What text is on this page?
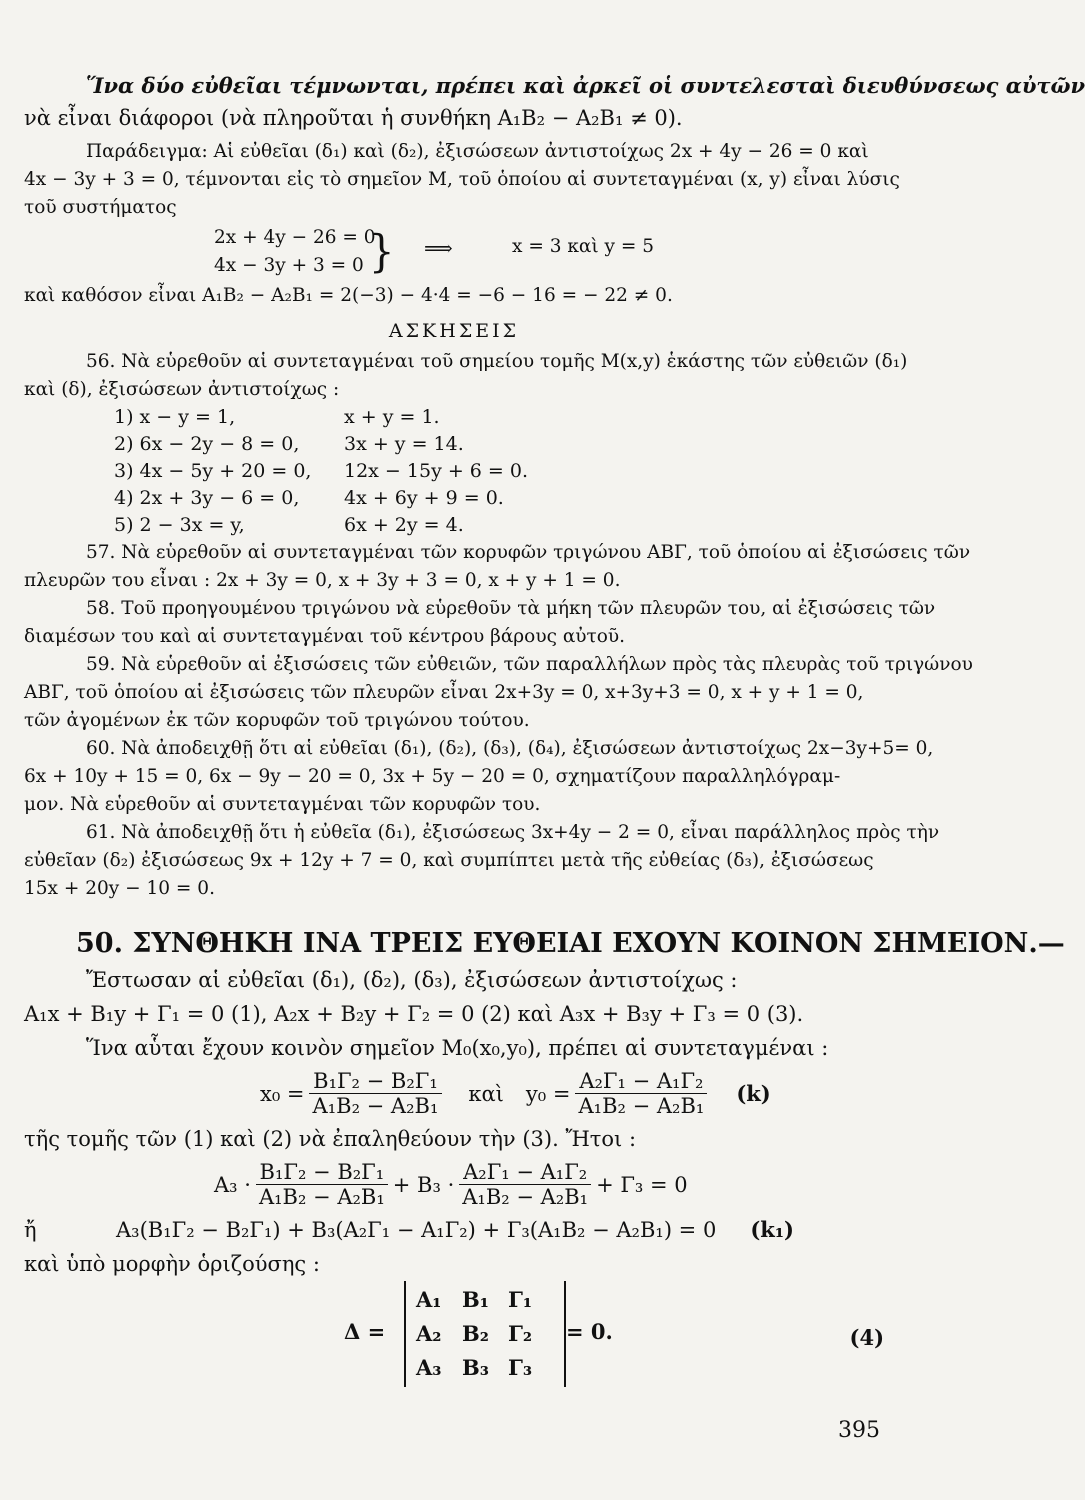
Ἵνα δύο εὐθεῖαι τέμνωνται, πρέπει καὶ ἀρκεῖ οἱ συντελεσταὶ διευθύνσεως αὐτῶν
νὰ εἶναι διάφοροι (νὰ πληροῦται ἡ συνθήκη A₁B₂ − A₂B₁ ≠ 0).
Παράδειγμα: Αἱ εὐθεῖαι (δ₁) καὶ (δ₂), ἐξισώσεων ἀντιστοίχως 2x + 4y − 26 = 0 καὶ
4x − 3y + 3 = 0, τέμνονται εἰς τὸ σημεῖον M, τοῦ ὁποίου αἱ συντεταγμέναι (x, y) εἶναι λύσις
τοῦ συστήματος
2x + 4y − 26 = 0
4x − 3y + 3 = 0 } ⟹	x = 3 καὶ y = 5
καὶ καθόσον εἶναι A₁B₂ − A₂B₁ = 2(−3) − 4·4 = −6 − 16 = − 22 ≠ 0.
ΑΣΚΗΣΕΙΣ
56. Νὰ εὑρεθοῦν αἱ συντεταγμέναι τοῦ σημείου τομῆς M(x,y) ἑκάστης τῶν εὐθειῶν (δ₁)
καὶ (δ), ἐξισώσεων ἀντιστοίχως :
1) x − y = 1,	x + y = 1.
2) 6x − 2y − 8 = 0,	3x + y = 14.
3) 4x − 5y + 20 = 0,	12x − 15y + 6 = 0.
4) 2x + 3y − 6 = 0,	4x + 6y + 9 = 0.
5) 2 − 3x = y,	6x + 2y = 4.
57. Νὰ εὑρεθοῦν αἱ συντεταγμέναι τῶν κορυφῶν τριγώνου ΑΒΓ, τοῦ ὁποίου αἱ ἐξισώσεις τῶν
πλευρῶν του εἶναι : 2x + 3y = 0, x + 3y + 3 = 0, x + y + 1 = 0.
58. Τοῦ προηγουμένου τριγώνου νὰ εὑρεθοῦν τὰ μήκη τῶν πλευρῶν του, αἱ ἐξισώσεις τῶν
διαμέσων του καὶ αἱ συντεταγμέναι τοῦ κέντρου βάρους αὐτοῦ.
59. Νὰ εὑρεθοῦν αἱ ἐξισώσεις τῶν εὐθειῶν, τῶν παραλλήλων πρὸς τὰς πλευρὰς τοῦ τριγώνου
ΑΒΓ, τοῦ ὁποίου αἱ ἐξισώσεις τῶν πλευρῶν εἶναι 2x+3y = 0, x+3y+3 = 0, x + y + 1 = 0,
τῶν ἀγομένων ἐκ τῶν κορυφῶν τοῦ τριγώνου τούτου.
60. Νὰ ἀποδειχθῇ ὅτι αἱ εὐθεῖαι (δ₁), (δ₂), (δ₃), (δ₄), ἐξισώσεων ἀντιστοίχως 2x−3y+5= 0,
6x + 10y + 15 = 0, 6x − 9y − 20 = 0, 3x + 5y − 20 = 0, σχηματίζουν παραλληλόγραμ-
μον. Νὰ εὑρεθοῦν αἱ συντεταγμέναι τῶν κορυφῶν του.
61. Νὰ ἀποδειχθῇ ὅτι ἡ εὐθεῖα (δ₁), ἐξισώσεως 3x+4y − 2 = 0, εἶναι παράλληλος πρὸς τὴν
εὐθεῖαν (δ₂) ἐξισώσεως 9x + 12y + 7 = 0, καὶ συμπίπτει μετὰ τῆς εὐθείας (δ₃), ἐξισώσεως
15x + 20y − 10 = 0.
50. ΣΥΝΘΗΚΗ ΙΝΑ ΤΡΕΙΣ ΕΥΘΕΙΑΙ ΕΧΟΥΝ ΚΟΙΝΟΝ ΣΗΜΕΙΟΝ.—
Ἔστωσαν αἱ εὐθεῖαι (δ₁), (δ₂), (δ₃), ἐξισώσεων ἀντιστοίχως :
A₁x + B₁y + Γ₁ = 0 (1), A₂x + B₂y + Γ₂ = 0 (2) καὶ A₃x + B₃y + Γ₃ = 0 (3).
Ἵνα αὗται ἔχουν κοινὸν σημεῖον M₀(x₀,y₀), πρέπει αἱ συντεταγμέναι :
$x_0 = \frac{\text{B₁Γ₂ − B₂Γ₁}}{\text{A₁B₂ − A₂B₁}}$ καὶ $y_0 = \frac{\text{A₂Γ₁ − A₁Γ₂}}{\text{A₁B₂ − A₂B₁}} (k)$
τῆς τομῆς τῶν (1) καὶ (2) νὰ ἐπαληθεύουν τὴν (3). Ἤτοι :
$A_3 \cdot \frac{\text{B₁Γ₂ − B₂Γ₁}}{\text{A₁B₂ − A₂B₁}} + B_3 \cdot \frac{\text{A₂Γ₁ − A₁Γ₂}}{\text{A₁B₂ − A₂B₁}} + \Gamma_3 = 0$
ἤ	A₃(B₁Γ₂ − B₂Γ₁) + B₃(A₂Γ₁ − A₁Γ₂) + Γ₃(A₁B₂ − A₂B₁) = 0 (k₁)
καὶ ὑπὸ μορφὴν ὁριζούσης :
Δ =
A₁ B₁ Γ₁
A₂ B₂ Γ₂
A₃ B₃ Γ₃
= 0.	(4)
395
